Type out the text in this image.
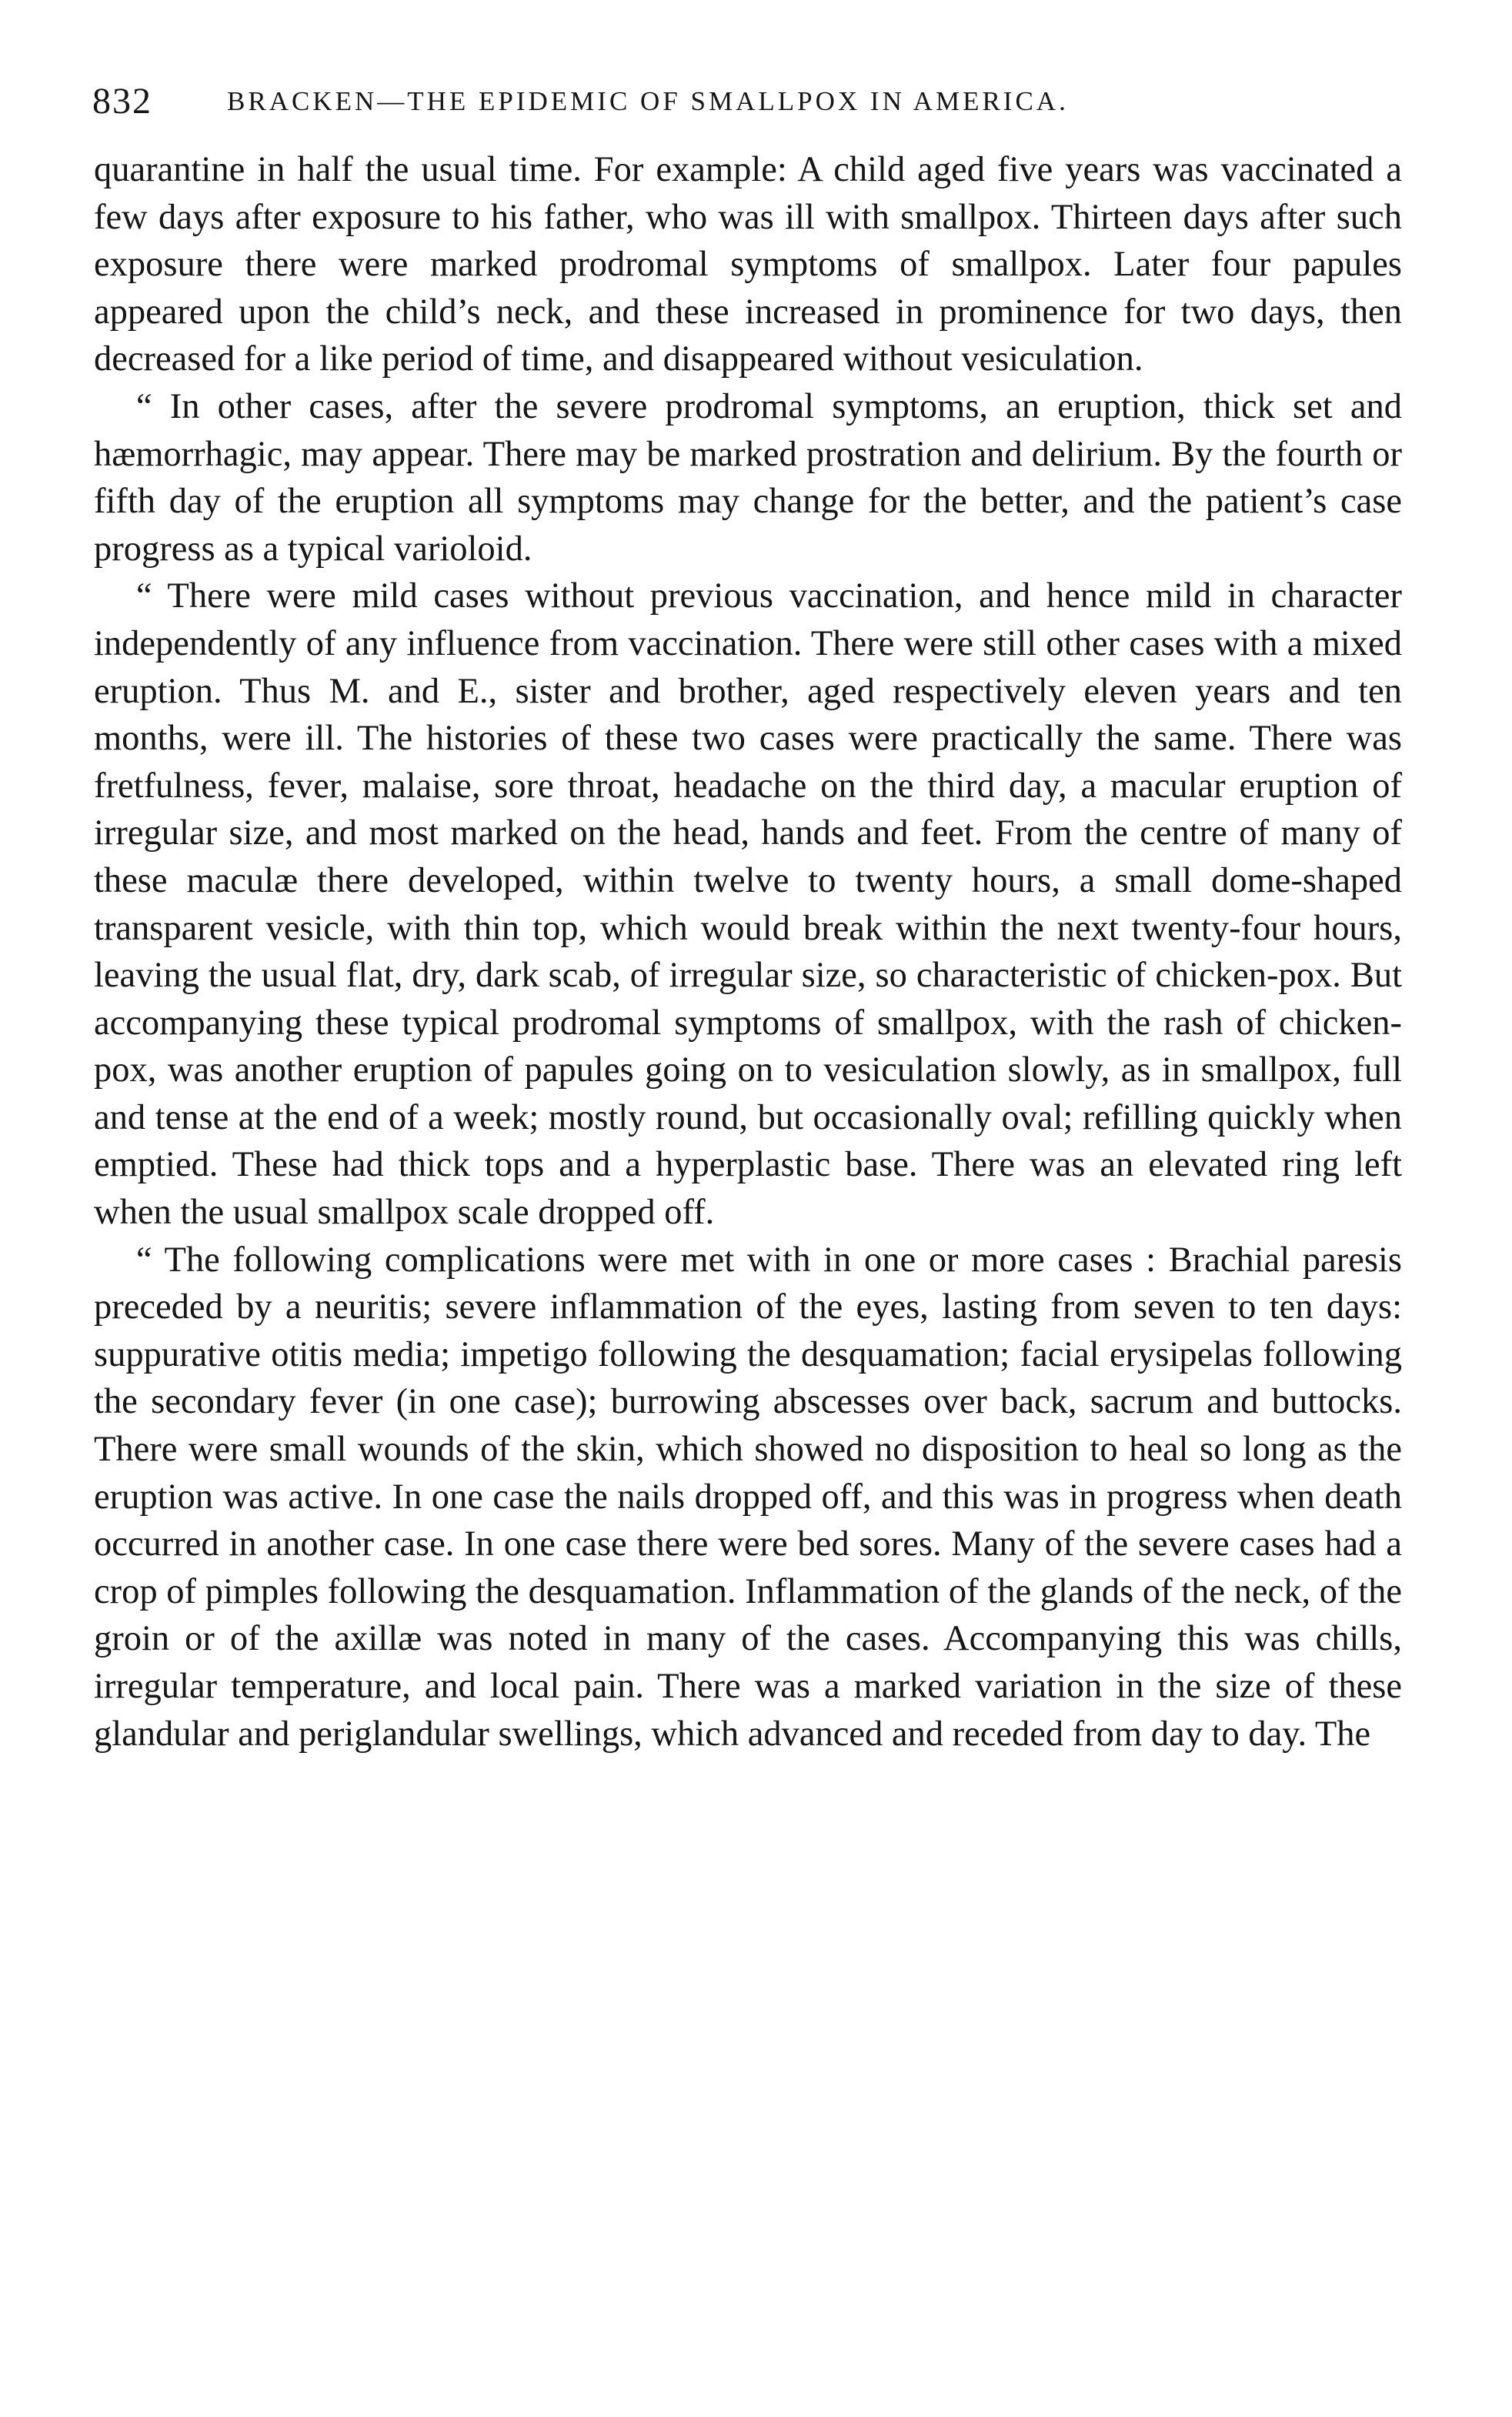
832	BRACKEN—THE EPIDEMIC OF SMALLPOX IN AMERICA.

quarantine in half the usual time. For example: A child aged five years was vaccinated a few days after exposure to his father, who was ill with smallpox. Thirteen days after such exposure there were marked prodromal symptoms of smallpox. Later four papules appeared upon the child’s neck, and these increased in prominence for two days, then decreased for a like period of time, and disappeared without vesiculation.

“ In other cases, after the severe prodromal symptoms, an eruption, thick set and hæmorrhagic, may appear. There may be marked prostration and delirium. By the fourth or fifth day of the eruption all symptoms may change for the better, and the patient’s case progress as a typical varioloid.

“ There were mild cases without previous vaccination, and hence mild in character independently of any influence from vaccination. There were still other cases with a mixed eruption. Thus M. and E., sister and brother, aged respectively eleven years and ten months, were ill. The histories of these two cases were practically the same. There was fretfulness, fever, malaise, sore throat, headache on the third day, a macular eruption of irregular size, and most marked on the head, hands and feet. From the centre of many of these maculæ there developed, within twelve to twenty hours, a small dome-shaped transparent vesicle, with thin top, which would break within the next twenty-four hours, leaving the usual flat, dry, dark scab, of irregular size, so characteristic of chicken-pox. But accompanying these typical prodromal symptoms of smallpox, with the rash of chicken-pox, was another eruption of papules going on to vesiculation slowly, as in smallpox, full and tense at the end of a week; mostly round, but occasionally oval; refilling quickly when emptied. These had thick tops and a hyperplastic base. There was an elevated ring left when the usual smallpox scale dropped off.

“ The following complications were met with in one or more cases : Brachial paresis preceded by a neuritis; severe inflammation of the eyes, lasting from seven to ten days: suppurative otitis media; impetigo following the desquamation; facial erysipelas following the secondary fever (in one case); burrowing abscesses over back, sacrum and buttocks. There were small wounds of the skin, which showed no disposition to heal so long as the eruption was active. In one case the nails dropped off, and this was in progress when death occurred in another case. In one case there were bed sores. Many of the severe cases had a crop of pimples following the desquamation. Inflammation of the glands of the neck, of the groin or of the axillæ was noted in many of the cases. Accompanying this was chills, irregular temperature, and local pain. There was a marked variation in the size of these glandular and periglandular swellings, which advanced and receded from day to day. The
